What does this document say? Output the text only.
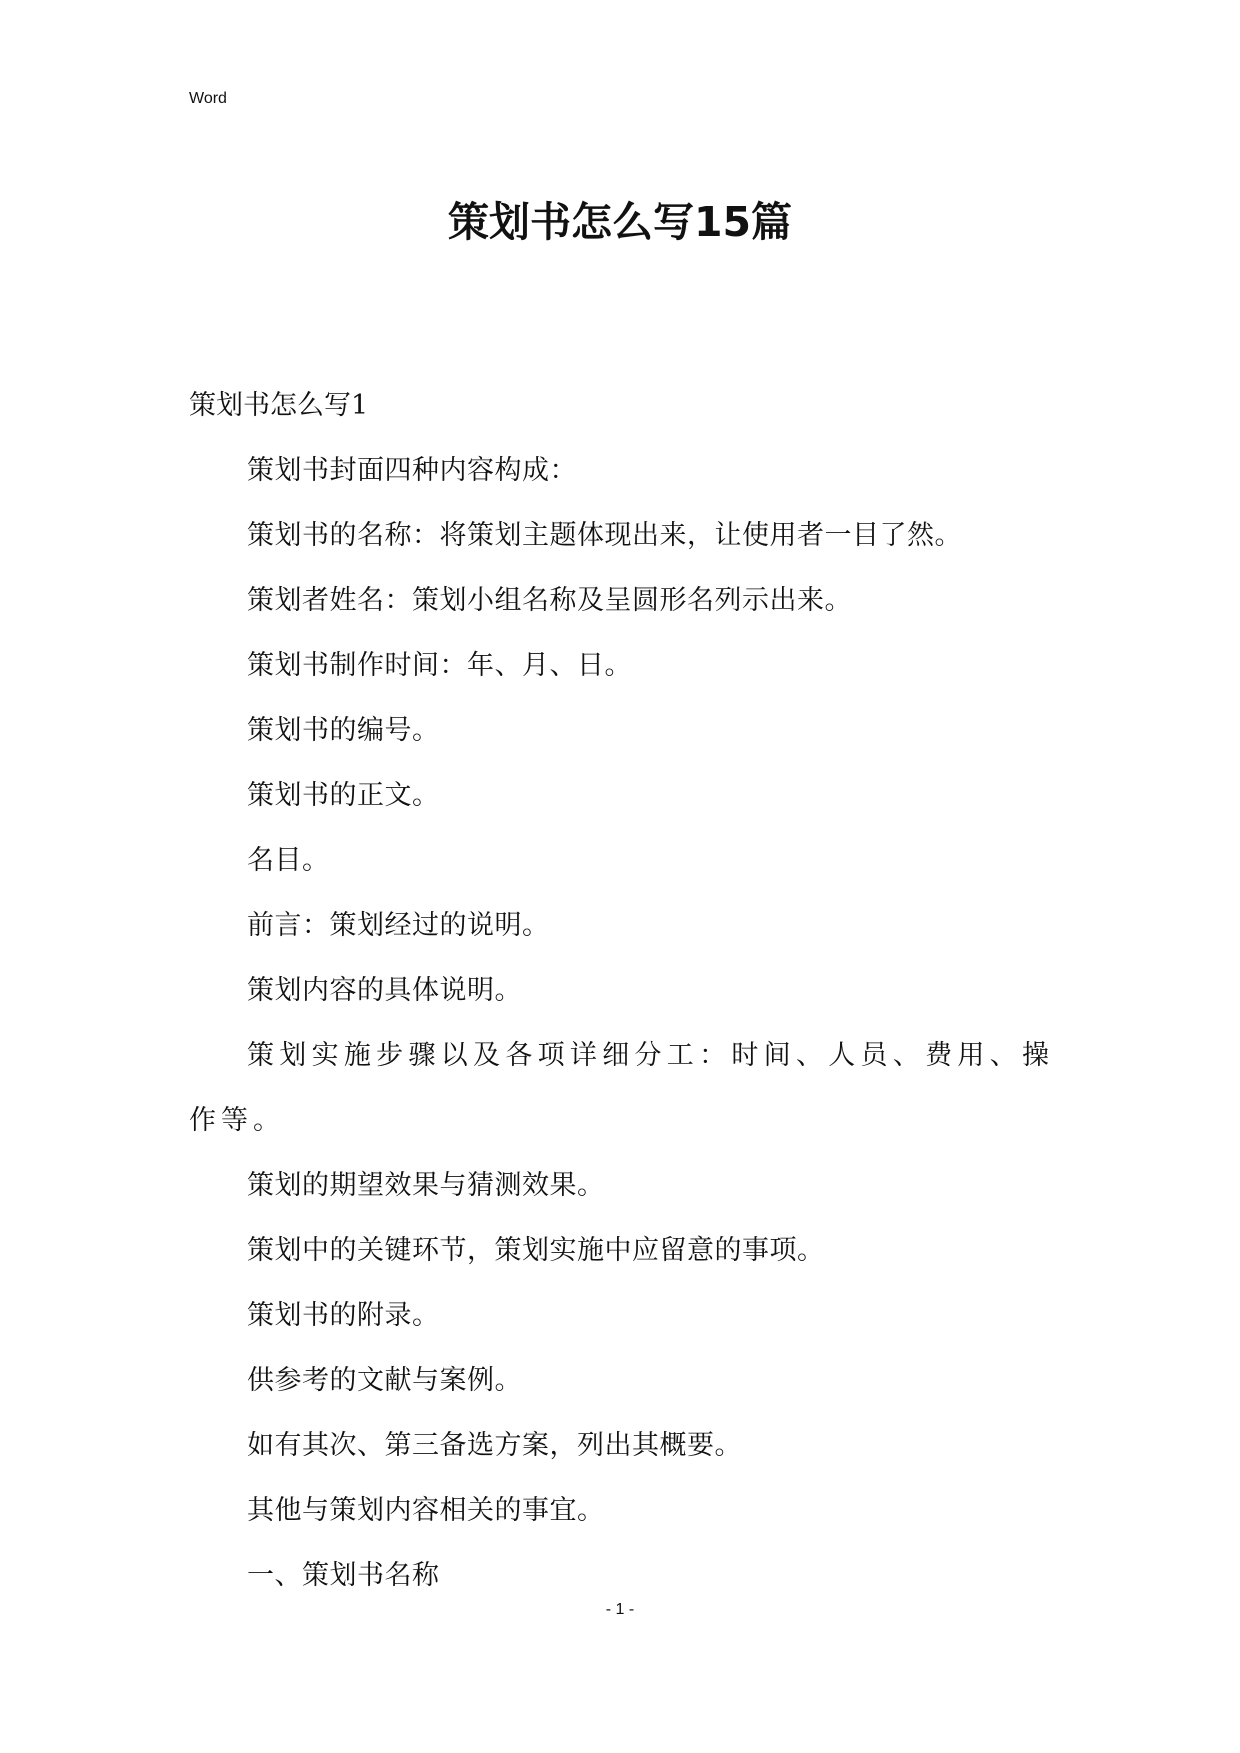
Word
策划书怎么写15篇

策划书怎么写1

策划书封面四种内容构成：

策划书的名称：将策划主题体现出来，让使用者一目了然。

策划者姓名：策划小组名称及呈圆形名列示出来。

策划书制作时间：年、月、日。

策划书的编号。

策划书的正文。

名目。

前言：策划经过的说明。

策划内容的具体说明。

策划实施步骤以及各项详细分工：时间、人员、费用、操作等。

策划的期望效果与猜测效果。

策划中的关键环节，策划实施中应留意的事项。

策划书的附录。

供参考的文献与案例。

如有其次、第三备选方案，列出其概要。

其他与策划内容相关的事宜。

一、策划书名称

- 1 -
